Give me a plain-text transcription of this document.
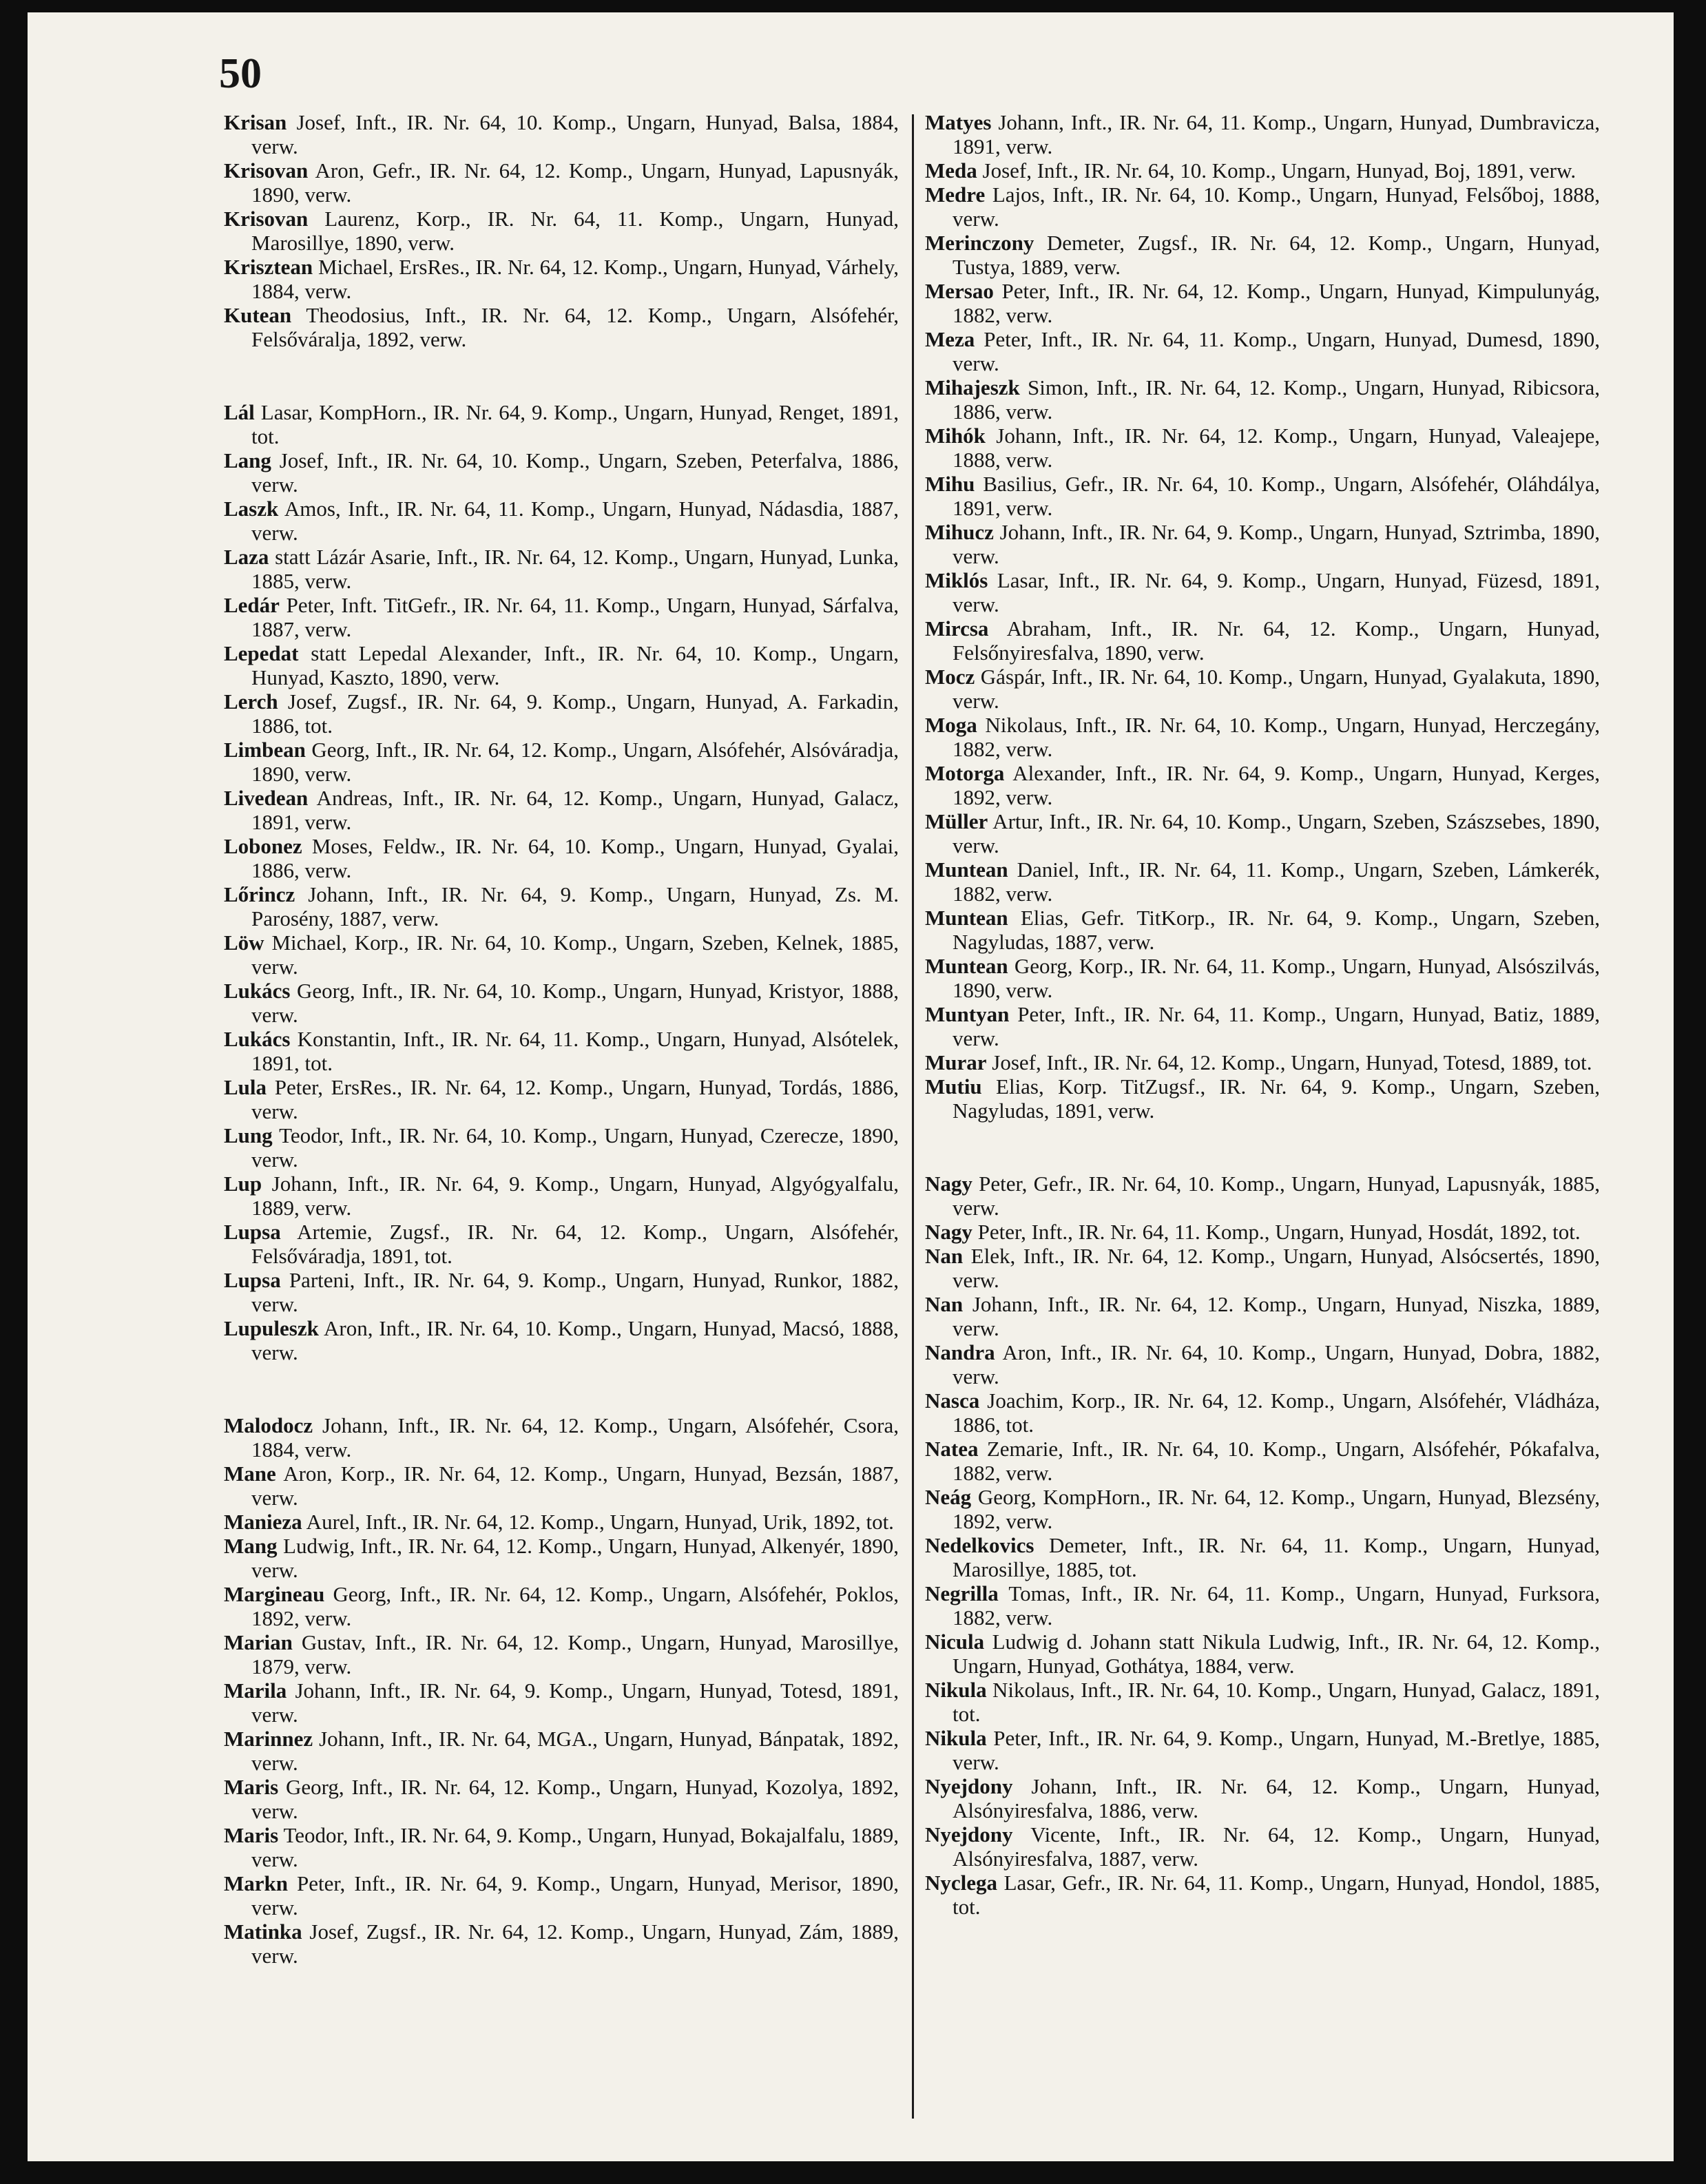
50

Krisan Josef, Inft., IR. Nr. 64, 10. Komp., Ungarn, Hunyad, Balsa, 1884, verw.

Krisovan Aron, Gefr., IR. Nr. 64, 12. Komp., Ungarn, Hunyad, Lapusnyák, 1890, verw.

Krisovan Laurenz, Korp., IR. Nr. 64, 11. Komp., Ungarn, Hunyad, Marosillye, 1890, verw.

Krisztean Michael, ErsRes., IR. Nr. 64, 12. Komp., Ungarn, Hunyad, Várhely, 1884, verw.

Kutean Theodosius, Inft., IR. Nr. 64, 12. Komp., Ungarn, Alsófehér, Felsőváralja, 1892, verw.

Lál Lasar, KompHorn., IR. Nr. 64, 9. Komp., Ungarn, Hunyad, Renget, 1891, tot.

Lang Josef, Inft., IR. Nr. 64, 10. Komp., Ungarn, Szeben, Peterfalva, 1886, verw.

Laszk Amos, Inft., IR. Nr. 64, 11. Komp., Ungarn, Hunyad, Nádasdia, 1887, verw.

Laza statt Lázár Asarie, Inft., IR. Nr. 64, 12. Komp., Ungarn, Hunyad, Lunka, 1885, verw.

Ledár Peter, Inft. TitGefr., IR. Nr. 64, 11. Komp., Ungarn, Hunyad, Sárfalva, 1887, verw.

Lepedat statt Lepedal Alexander, Inft., IR. Nr. 64, 10. Komp., Ungarn, Hunyad, Kaszto, 1890, verw.

Lerch Josef, Zugsf., IR. Nr. 64, 9. Komp., Ungarn, Hunyad, A. Farkadin, 1886, tot.

Limbean Georg, Inft., IR. Nr. 64, 12. Komp., Ungarn, Alsófehér, Alsóváradja, 1890, verw.

Livedean Andreas, Inft., IR. Nr. 64, 12. Komp., Ungarn, Hunyad, Galacz, 1891, verw.

Lobonez Moses, Feldw., IR. Nr. 64, 10. Komp., Ungarn, Hunyad, Gyalai, 1886, verw.

Lőrincz Johann, Inft., IR. Nr. 64, 9. Komp., Ungarn, Hunyad, Zs. M. Parosény, 1887, verw.

Löw Michael, Korp., IR. Nr. 64, 10. Komp., Ungarn, Szeben, Kelnek, 1885, verw.

Lukács Georg, Inft., IR. Nr. 64, 10. Komp., Ungarn, Hunyad, Kristyor, 1888, verw.

Lukács Konstantin, Inft., IR. Nr. 64, 11. Komp., Ungarn, Hunyad, Alsótelek, 1891, tot.

Lula Peter, ErsRes., IR. Nr. 64, 12. Komp., Ungarn, Hunyad, Tordás, 1886, verw.

Lung Teodor, Inft., IR. Nr. 64, 10. Komp., Ungarn, Hunyad, Czerecze, 1890, verw.

Lup Johann, Inft., IR. Nr. 64, 9. Komp., Ungarn, Hunyad, Algyógyalfalu, 1889, verw.

Lupsa Artemie, Zugsf., IR. Nr. 64, 12. Komp., Ungarn, Alsófehér, Felsőváradja, 1891, tot.

Lupsa Parteni, Inft., IR. Nr. 64, 9. Komp., Ungarn, Hunyad, Runkor, 1882, verw.

Lupuleszk Aron, Inft., IR. Nr. 64, 10. Komp., Ungarn, Hunyad, Macsó, 1888, verw.

Malodocz Johann, Inft., IR. Nr. 64, 12. Komp., Ungarn, Alsófehér, Csora, 1884, verw.

Mane Aron, Korp., IR. Nr. 64, 12. Komp., Ungarn, Hunyad, Bezsán, 1887, verw.

Manieza Aurel, Inft., IR. Nr. 64, 12. Komp., Ungarn, Hunyad, Urik, 1892, tot.

Mang Ludwig, Inft., IR. Nr. 64, 12. Komp., Ungarn, Hunyad, Alkenyér, 1890, verw.

Margineau Georg, Inft., IR. Nr. 64, 12. Komp., Ungarn, Alsófehér, Poklos, 1892, verw.

Marian Gustav, Inft., IR. Nr. 64, 12. Komp., Ungarn, Hunyad, Marosillye, 1879, verw.

Marila Johann, Inft., IR. Nr. 64, 9. Komp., Ungarn, Hunyad, Totesd, 1891, verw.

Marinnez Johann, Inft., IR. Nr. 64, MGA., Ungarn, Hunyad, Bánpatak, 1892, verw.

Maris Georg, Inft., IR. Nr. 64, 12. Komp., Ungarn, Hunyad, Kozolya, 1892, verw.

Maris Teodor, Inft., IR. Nr. 64, 9. Komp., Ungarn, Hunyad, Bokajalfalu, 1889, verw.

Markn Peter, Inft., IR. Nr. 64, 9. Komp., Ungarn, Hunyad, Merisor, 1890, verw.

Matinka Josef, Zugsf., IR. Nr. 64, 12. Komp., Ungarn, Hunyad, Zám, 1889, verw.

Matyes Johann, Inft., IR. Nr. 64, 11. Komp., Ungarn, Hunyad, Dumbravicza, 1891, verw.

Meda Josef, Inft., IR. Nr. 64, 10. Komp., Ungarn, Hunyad, Boj, 1891, verw.

Medre Lajos, Inft., IR. Nr. 64, 10. Komp., Ungarn, Hunyad, Felsőboj, 1888, verw.

Merinczony Demeter, Zugsf., IR. Nr. 64, 12. Komp., Ungarn, Hunyad, Tustya, 1889, verw.

Mersao Peter, Inft., IR. Nr. 64, 12. Komp., Ungarn, Hunyad, Kimpulunyág, 1882, verw.

Meza Peter, Inft., IR. Nr. 64, 11. Komp., Ungarn, Hunyad, Dumesd, 1890, verw.

Mihajeszk Simon, Inft., IR. Nr. 64, 12. Komp., Ungarn, Hunyad, Ribicsora, 1886, verw.

Mihók Johann, Inft., IR. Nr. 64, 12. Komp., Ungarn, Hunyad, Valeajepe, 1888, verw.

Mihu Basilius, Gefr., IR. Nr. 64, 10. Komp., Ungarn, Alsófehér, Oláhdálya, 1891, verw.

Mihucz Johann, Inft., IR. Nr. 64, 9. Komp., Ungarn, Hunyad, Sztrimba, 1890, verw.

Miklós Lasar, Inft., IR. Nr. 64, 9. Komp., Ungarn, Hunyad, Füzesd, 1891, verw.

Mircsa Abraham, Inft., IR. Nr. 64, 12. Komp., Ungarn, Hunyad, Felsőnyiresfalva, 1890, verw.

Mocz Gáspár, Inft., IR. Nr. 64, 10. Komp., Ungarn, Hunyad, Gyalakuta, 1890, verw.

Moga Nikolaus, Inft., IR. Nr. 64, 10. Komp., Ungarn, Hunyad, Herczegány, 1882, verw.

Motorga Alexander, Inft., IR. Nr. 64, 9. Komp., Ungarn, Hunyad, Kerges, 1892, verw.

Müller Artur, Inft., IR. Nr. 64, 10. Komp., Ungarn, Szeben, Szászsebes, 1890, verw.

Muntean Daniel, Inft., IR. Nr. 64, 11. Komp., Ungarn, Szeben, Lámkerék, 1882, verw.

Muntean Elias, Gefr. TitKorp., IR. Nr. 64, 9. Komp., Ungarn, Szeben, Nagyludas, 1887, verw.

Muntean Georg, Korp., IR. Nr. 64, 11. Komp., Ungarn, Hunyad, Alsószilvás, 1890, verw.

Muntyan Peter, Inft., IR. Nr. 64, 11. Komp., Ungarn, Hunyad, Batiz, 1889, verw.

Murar Josef, Inft., IR. Nr. 64, 12. Komp., Ungarn, Hunyad, Totesd, 1889, tot.

Mutiu Elias, Korp. TitZugsf., IR. Nr. 64, 9. Komp., Ungarn, Szeben, Nagyludas, 1891, verw.

Nagy Peter, Gefr., IR. Nr. 64, 10. Komp., Ungarn, Hunyad, Lapusnyák, 1885, verw.

Nagy Peter, Inft., IR. Nr. 64, 11. Komp., Ungarn, Hunyad, Hosdát, 1892, tot.

Nan Elek, Inft., IR. Nr. 64, 12. Komp., Ungarn, Hunyad, Alsócsertés, 1890, verw.

Nan Johann, Inft., IR. Nr. 64, 12. Komp., Ungarn, Hunyad, Niszka, 1889, verw.

Nandra Aron, Inft., IR. Nr. 64, 10. Komp., Ungarn, Hunyad, Dobra, 1882, verw.

Nasca Joachim, Korp., IR. Nr. 64, 12. Komp., Ungarn, Alsófehér, Vládháza, 1886, tot.

Natea Zemarie, Inft., IR. Nr. 64, 10. Komp., Ungarn, Alsófehér, Pókafalva, 1882, verw.

Neág Georg, KompHorn., IR. Nr. 64, 12. Komp., Ungarn, Hunyad, Blezsény, 1892, verw.

Nedelkovics Demeter, Inft., IR. Nr. 64, 11. Komp., Ungarn, Hunyad, Marosillye, 1885, tot.

Negrilla Tomas, Inft., IR. Nr. 64, 11. Komp., Ungarn, Hunyad, Furksora, 1882, verw.

Nicula Ludwig d. Johann statt Nikula Ludwig, Inft., IR. Nr. 64, 12. Komp., Ungarn, Hunyad, Gothátya, 1884, verw.

Nikula Nikolaus, Inft., IR. Nr. 64, 10. Komp., Ungarn, Hunyad, Galacz, 1891, tot.

Nikula Peter, Inft., IR. Nr. 64, 9. Komp., Ungarn, Hunyad, M.-Bretlye, 1885, verw.

Nyejdony Johann, Inft., IR. Nr. 64, 12. Komp., Ungarn, Hunyad, Alsónyiresfalva, 1886, verw.

Nyejdony Vicente, Inft., IR. Nr. 64, 12. Komp., Ungarn, Hunyad, Alsónyiresfalva, 1887, verw.

Nyclega Lasar, Gefr., IR. Nr. 64, 11. Komp., Ungarn, Hunyad, Hondol, 1885, tot.
